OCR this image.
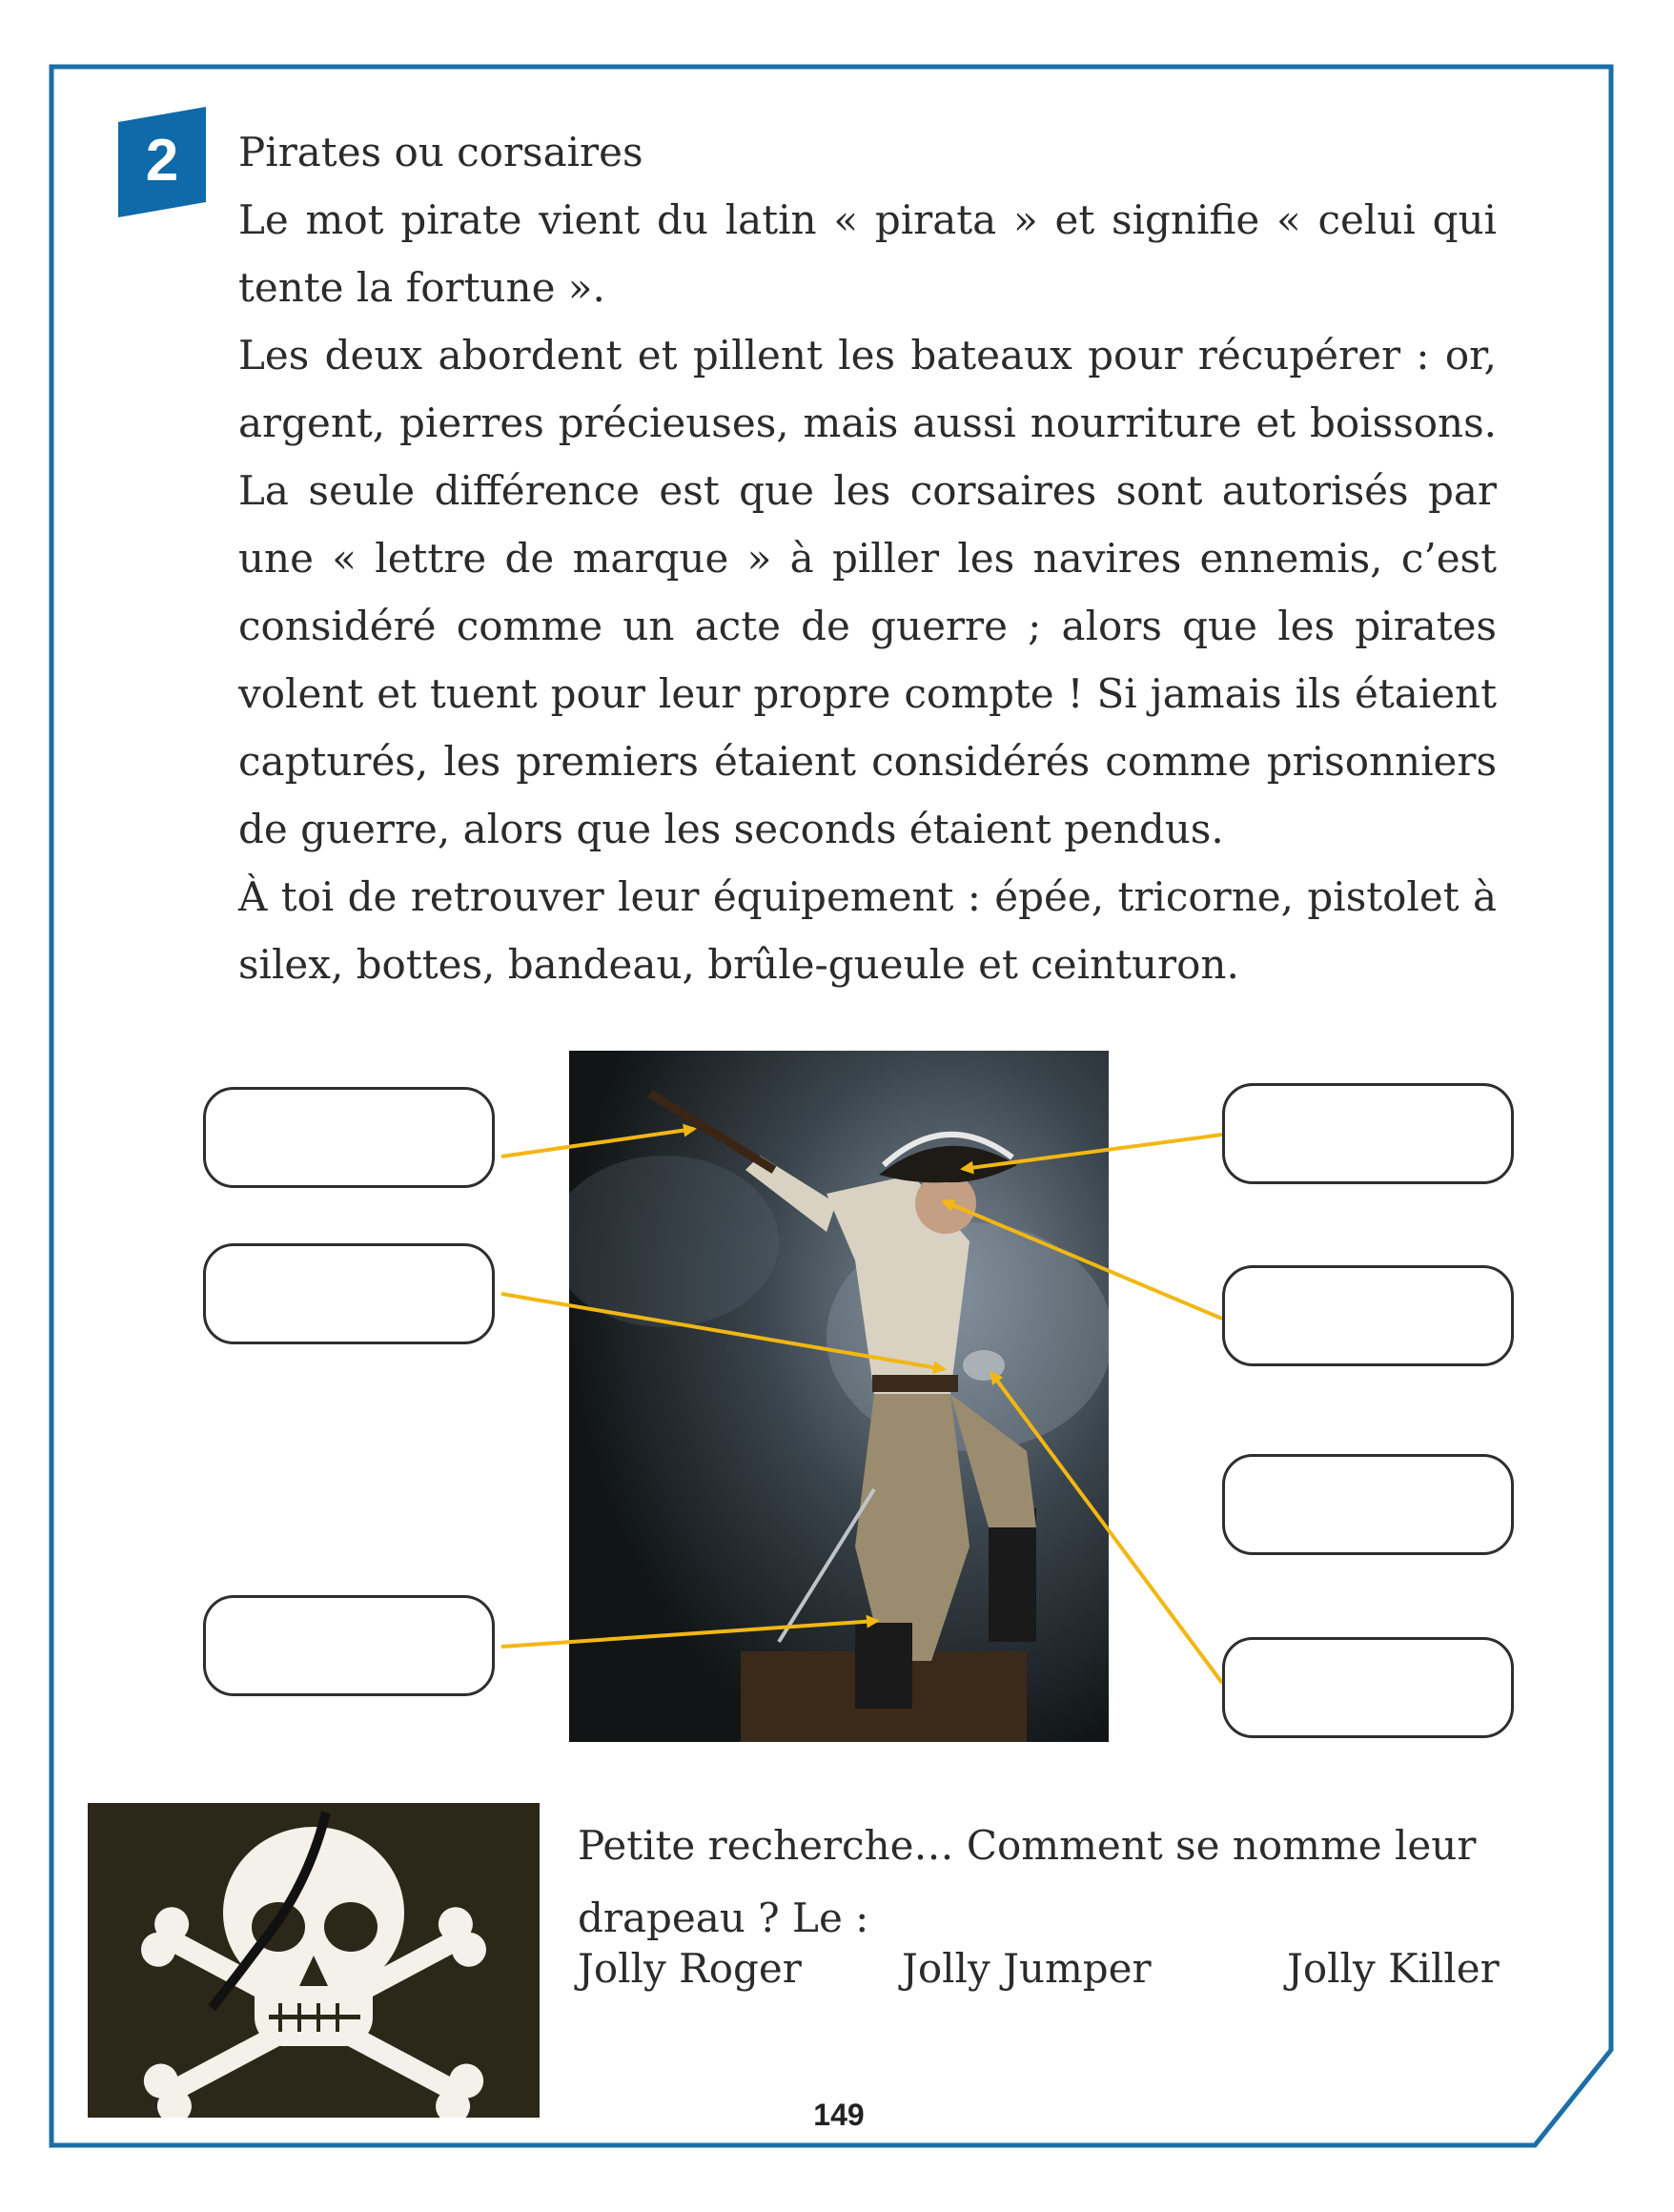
2	Pirates ou corsaires

Le mot pirate vient du latin « pirata » et signifie « celui qui tente la fortune ».

Les deux abordent et pillent les bateaux pour récupérer : or, argent, pierres précieuses, mais aussi nourriture et boissons. La seule différence est que les corsaires sont autorisés par une « lettre de marque » à piller les navires ennemis, c’est considéré comme un acte de guerre ; alors que les pirates volent et tuent pour leur propre compte ! Si jamais ils étaient capturés, les premiers étaient considérés comme prisonniers de guerre, alors que les seconds étaient pendus.

À toi de retrouver leur équipement : épée, tricorne, pistolet à silex, bottes, bandeau, brûle-gueule et ceinturon.

Petite recherche… Comment se nomme leur drapeau ? Le :

Jolly Roger	Jolly Jumper	Jolly Killer
149
